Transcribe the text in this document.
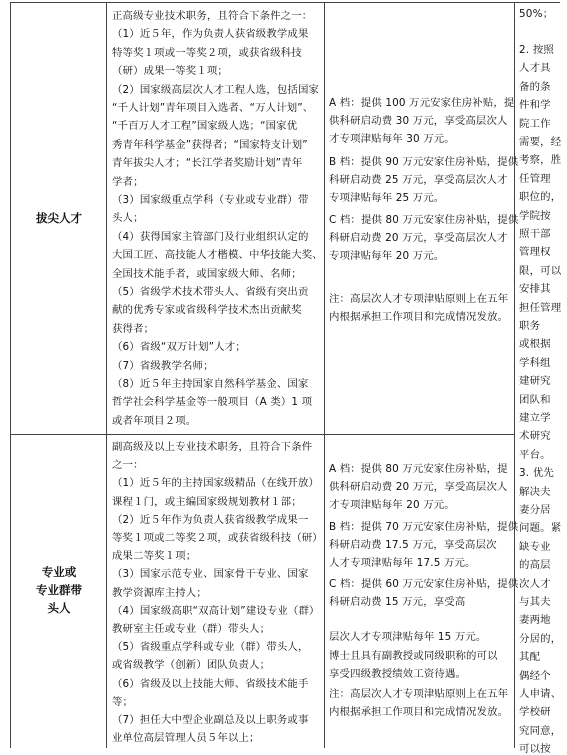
拔尖人才
正高级专业技术职务，且符合下条件之一：
（1）近５年，作为负责人获省级教学成果
特等奖１项或一等奖２项，或获省级科技
（研）成果一等奖１项；
（2）国家级高层次人才工程人选，包括国家
“千人计划”青年项目入选者、“万人计划”、
“千百万人才工程”国家级人选；“国家优
秀青年科学基金”获得者；“国家特支计划”
青年拔尖人才；“长江学者奖励计划”青年
学者；
（3）国家级重点学科（专业或专业群）带
头人；
（4）获得国家主管部门及行业组织认定的
大国工匠、高技能人才楷模、中华技能大奖、
全国技术能手者，或国家级大师、名师；
（5）省级学术技术带头人、省级有突出贡
献的优秀专家或省级科学技术杰出贡献奖
获得者；
（6）省级“双万计划”人才；
（7）省级教学名师；
（8）近５年主持国家自然科学基金、国家
哲学社会科学基金等一般项目（A 类）1 项
或者年项目２项。
A 档：提供 100 万元安家住房补贴，提
供科研启动费 30 万元，享受高层次人
才专项津贴每年 30 万元。
B 档：提供 90 万元安家住房补贴，提供
科研启动费 25 万元，享受高层次人才
专项津贴每年 25 万元。
C 档：提供 80 万元安家住房补贴，提供
科研启动费 20 万元，享受高层次人才
专项津贴每年 20 万元。
注：高层次人才专项津贴原则上在五年
内根据承担工作项目和完成情况发放。
专业或
专业群带
头人
副高级及以上专业技术职务，且符合下条件
之一：
（1）近５年的主持国家级精品（在线开放）
课程１门，或主编国家级规划教材１部；
（2）近５年作为负责人获省级教学成果一
等奖１项或二等奖２项，或获省级科技（研）
成果二等奖１项；
（3）国家示范专业、国家骨干专业、国家
教学资源库主持人；
（4）国家级高职“双高计划”建设专业（群）
教研室主任或专业（群）带头人；
（5）省级重点学科或专业（群）带头人，
或省级教学（创新）团队负责人；
（6）省级及以上技能大师、省级技术能手
等；
（7）担任大中型企业副总及以上职务或事
业单位高层管理人员５年以上；
A 档：提供 80 万元安家住房补贴，提
供科研启动费 20 万元，享受高层次人
才专项津贴每年 20 万元。
B 档：提供 70 万元安家住房补贴，提供
科研启动费 17.5 万元，享受高层次
人才专项津贴每年 17.5 万元。
C 档：提供 60 万元安家住房补贴，提供
科研启动费 15 万元，享受高
层次人才专项津贴每年 15 万元。
博士且具有副教授或同级职称的可以
享受四级教授绩效工资待遇。
注：高层次人才专项津贴原则上在五年
内根据承担工作项目和完成情况发放。
50%；
2. 按照
人才具
备的条
件和学
院工作
需要，经
考察，胜
任管理
职位的，
学院按
照干部
管理权
限，可以
安排其
担任管理
职务
或根据
学科组
建研究
团队和
建立学
术研究
平台。
3. 优先
解决夫
妻分居
问题。紧
缺专业
的高层
次人才
与其夫
妻两地
分居的，
其配
偶经个
人申请、
学校研
究同意，
可以按
